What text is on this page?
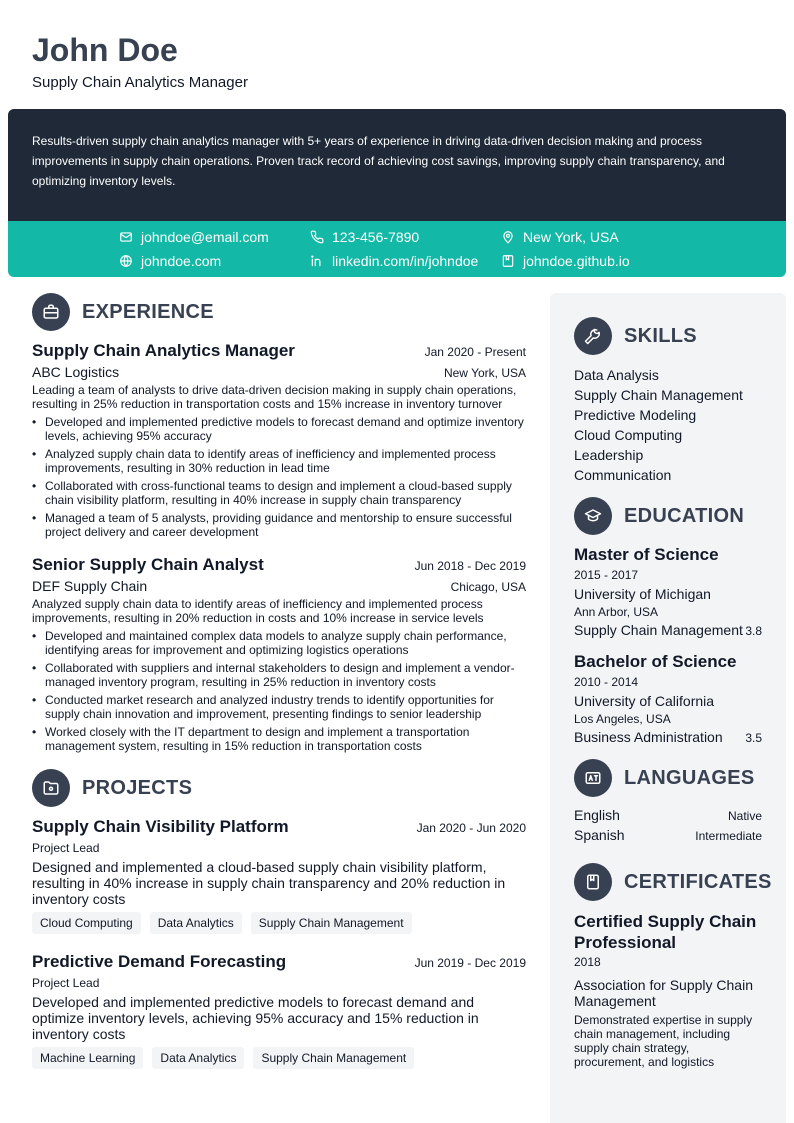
John Doe
Supply Chain Analytics Manager
Results-driven supply chain analytics manager with 5+ years of experience in driving data-driven decision making and process improvements in supply chain operations. Proven track record of achieving cost savings, improving supply chain transparency, and optimizing inventory levels.
johndoe@email.com	123-456-7890	New York, USA
johndoe.com	linkedin.com/in/johndoe	johndoe.github.io
EXPERIENCE
Supply Chain Analytics Manager	Jan 2020 - Present
ABC Logistics	New York, USA
Leading a team of analysts to drive data-driven decision making in supply chain operations, resulting in 25% reduction in transportation costs and 15% increase in inventory turnover
• Developed and implemented predictive models to forecast demand and optimize inventory levels, achieving 95% accuracy
• Analyzed supply chain data to identify areas of inefficiency and implemented process improvements, resulting in 30% reduction in lead time
• Collaborated with cross-functional teams to design and implement a cloud-based supply chain visibility platform, resulting in 40% increase in supply chain transparency
• Managed a team of 5 analysts, providing guidance and mentorship to ensure successful project delivery and career development
Senior Supply Chain Analyst	Jun 2018 - Dec 2019
DEF Supply Chain	Chicago, USA
Analyzed supply chain data to identify areas of inefficiency and implemented process improvements, resulting in 20% reduction in costs and 10% increase in service levels
• Developed and maintained complex data models to analyze supply chain performance, identifying areas for improvement and optimizing logistics operations
• Collaborated with suppliers and internal stakeholders to design and implement a vendor-managed inventory program, resulting in 25% reduction in inventory costs
• Conducted market research and analyzed industry trends to identify opportunities for supply chain innovation and improvement, presenting findings to senior leadership
• Worked closely with the IT department to design and implement a transportation management system, resulting in 15% reduction in transportation costs
PROJECTS
Supply Chain Visibility Platform	Jan 2020 - Jun 2020
Project Lead
Designed and implemented a cloud-based supply chain visibility platform, resulting in 40% increase in supply chain transparency and 20% reduction in inventory costs
Cloud Computing	Data Analytics	Supply Chain Management
Predictive Demand Forecasting	Jun 2019 - Dec 2019
Project Lead
Developed and implemented predictive models to forecast demand and optimize inventory levels, achieving 95% accuracy and 15% reduction in inventory costs
Machine Learning	Data Analytics	Supply Chain Management
SKILLS
Data Analysis
Supply Chain Management
Predictive Modeling
Cloud Computing
Leadership
Communication
EDUCATION
Master of Science
2015 - 2017
University of Michigan
Ann Arbor, USA
Supply Chain Management 3.8
Bachelor of Science
2010 - 2014
University of California
Los Angeles, USA
Business Administration 3.5
LANGUAGES
English	Native
Spanish	Intermediate
CERTIFICATES
Certified Supply Chain Professional
2018
Association for Supply Chain Management
Demonstrated expertise in supply chain management, including supply chain strategy, procurement, and logistics
